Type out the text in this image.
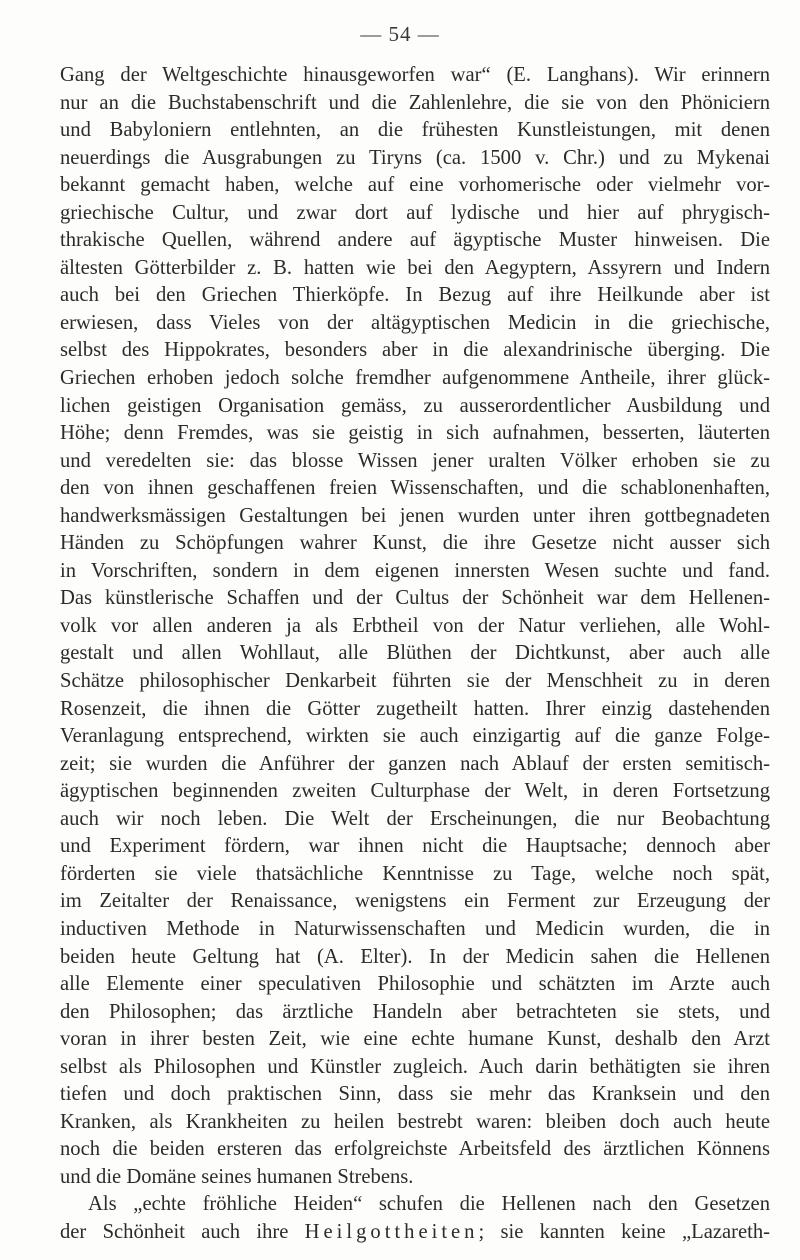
— 54 —
Gang der Weltgeschichte hinausgeworfen war“ (E. Langhans). Wir erinnern
nur an die Buchstabenschrift und die Zahlenlehre, die sie von den Phöniciern
und Babyloniern entlehnten, an die frühesten Kunstleistungen, mit denen
neuerdings die Ausgrabungen zu Tiryns (ca. 1500 v. Chr.) und zu Mykenai
bekannt gemacht haben, welche auf eine vorhomerische oder vielmehr vor-
griechische Cultur, und zwar dort auf lydische und hier auf phrygisch-
thrakische Quellen, während andere auf ägyptische Muster hinweisen. Die
ältesten Götterbilder z. B. hatten wie bei den Aegyptern, Assyrern und Indern
auch bei den Griechen Thierköpfe. In Bezug auf ihre Heilkunde aber ist
erwiesen, dass Vieles von der altägyptischen Medicin in die griechische,
selbst des Hippokrates, besonders aber in die alexandrinische überging. Die
Griechen erhoben jedoch solche fremdher aufgenommene Antheile, ihrer glück-
lichen geistigen Organisation gemäss, zu ausserordentlicher Ausbildung und
Höhe; denn Fremdes, was sie geistig in sich aufnahmen, besserten, läuterten
und veredelten sie: das blosse Wissen jener uralten Völker erhoben sie zu
den von ihnen geschaffenen freien Wissenschaften, und die schablonenhaften,
handwerksmässigen Gestaltungen bei jenen wurden unter ihren gottbegnadeten
Händen zu Schöpfungen wahrer Kunst, die ihre Gesetze nicht ausser sich
in Vorschriften, sondern in dem eigenen innersten Wesen suchte und fand.
Das künstlerische Schaffen und der Cultus der Schönheit war dem Hellenen-
volk vor allen anderen ja als Erbtheil von der Natur verliehen, alle Wohl-
gestalt und allen Wohllaut, alle Blüthen der Dichtkunst, aber auch alle
Schätze philosophischer Denkarbeit führten sie der Menschheit zu in deren
Rosenzeit, die ihnen die Götter zugetheilt hatten. Ihrer einzig dastehenden
Veranlagung entsprechend, wirkten sie auch einzigartig auf die ganze Folge-
zeit; sie wurden die Anführer der ganzen nach Ablauf der ersten semitisch-
ägyptischen beginnenden zweiten Culturphase der Welt, in deren Fortsetzung
auch wir noch leben. Die Welt der Erscheinungen, die nur Beobachtung
und Experiment fördern, war ihnen nicht die Hauptsache; dennoch aber
förderten sie viele thatsächliche Kenntnisse zu Tage, welche noch spät,
im Zeitalter der Renaissance, wenigstens ein Ferment zur Erzeugung der
inductiven Methode in Naturwissenschaften und Medicin wurden, die in
beiden heute Geltung hat (A. Elter). In der Medicin sahen die Hellenen
alle Elemente einer speculativen Philosophie und schätzten im Arzte auch
den Philosophen; das ärztliche Handeln aber betrachteten sie stets, und
voran in ihrer besten Zeit, wie eine echte humane Kunst, deshalb den Arzt
selbst als Philosophen und Künstler zugleich. Auch darin bethätigten sie ihren
tiefen und doch praktischen Sinn, dass sie mehr das Kranksein und den
Kranken, als Krankheiten zu heilen bestrebt waren: bleiben doch auch heute
noch die beiden ersteren das erfolgreichste Arbeitsfeld des ärztlichen Könnens
und die Domäne seines humanen Strebens.
Als „echte fröhliche Heiden“ schufen die Hellenen nach den Gesetzen
der Schönheit auch ihre Heilgottheiten; sie kannten keine „Lazareth-
